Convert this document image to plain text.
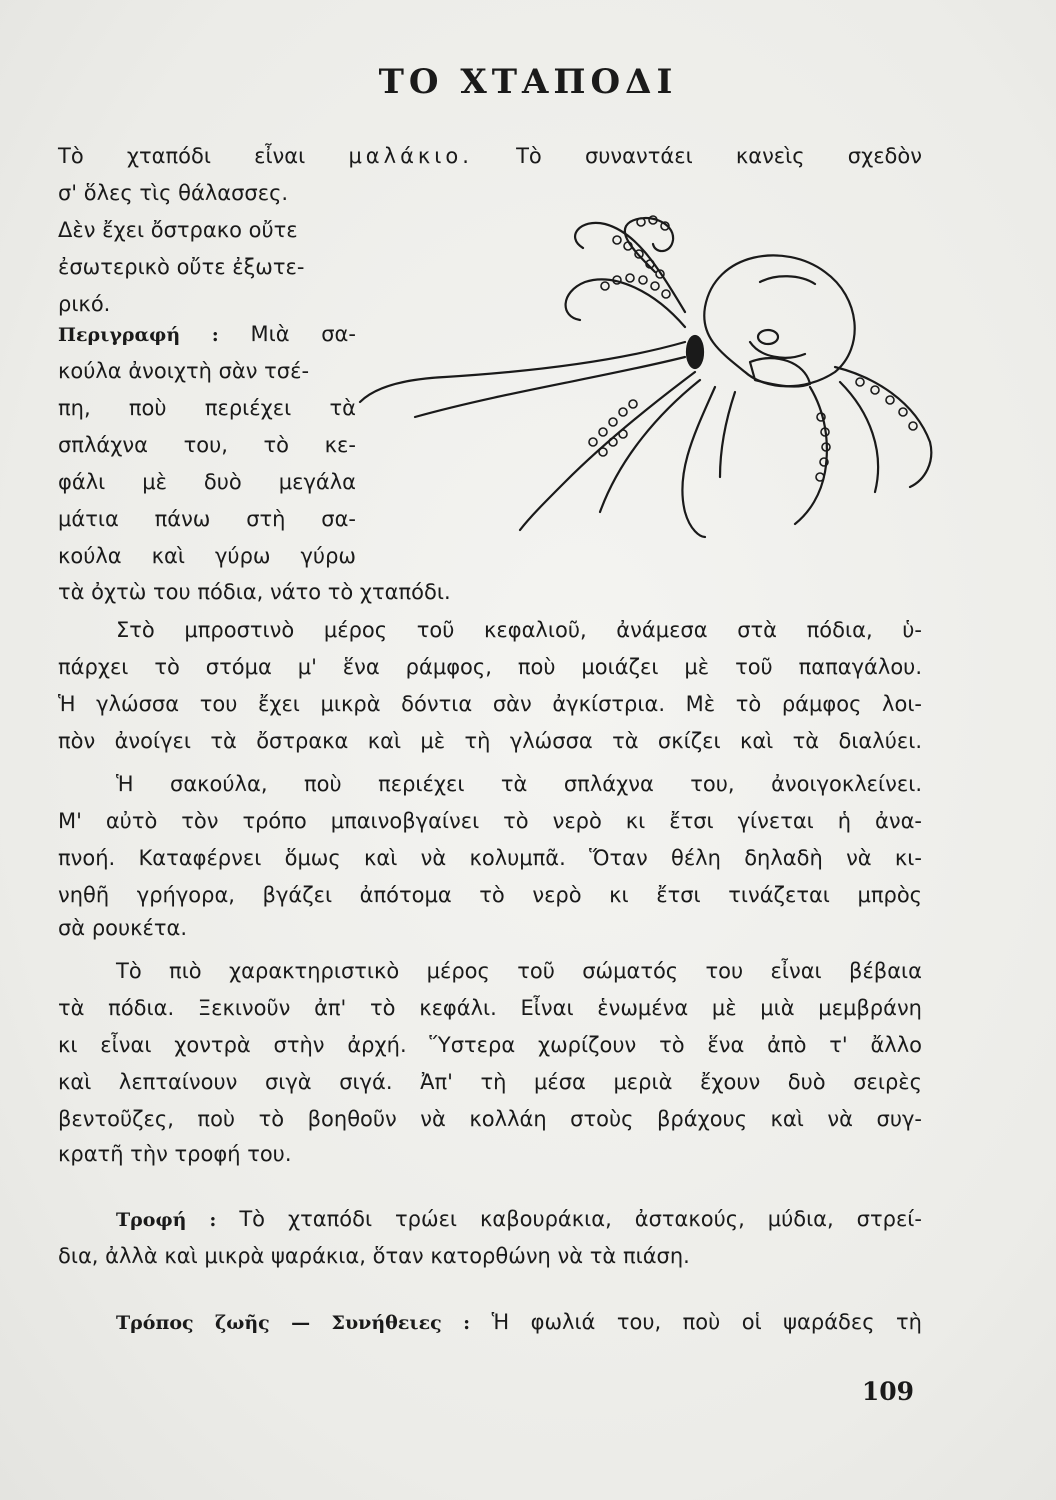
ΤΟ ΧΤΑΠΟΔΙ
Τὸ χταπόδι εἶναι μαλάκιο. Τὸ συναντάει κανεὶς σχεδὸν
σ' ὅλες τὶς θάλασσες.
Δὲν ἔχει ὄστρακο οὔτε
ἐσωτερικὸ οὔτε ἐξωτε-
ρικό.
Περιγραφή : Μιὰ σα-
κούλα ἀνοιχτὴ σὰν τσέ-
πη, ποὺ περιέχει τὰ
σπλάχνα του, τὸ κε-
φάλι μὲ δυὸ μεγάλα
μάτια πάνω στὴ σα-
κούλα καὶ γύρω γύρω
τὰ ὀχτὼ του πόδια, νάτο τὸ χταπόδι.
Στὸ μπροστινὸ μέρος τοῦ κεφαλιοῦ, ἀνάμεσα στὰ πόδια, ὑ-
πάρχει τὸ στόμα μ' ἕνα ράμφος, ποὺ μοιάζει μὲ τοῦ παπαγάλου.
Ἡ γλώσσα του ἔχει μικρὰ δόντια σὰν ἀγκίστρια. Μὲ τὸ ράμφος λοι-
πὸν ἀνοίγει τὰ ὄστρακα καὶ μὲ τὴ γλώσσα τὰ σκίζει καὶ τὰ διαλύει.
Ἡ σακούλα, ποὺ περιέχει τὰ σπλάχνα του, ἀνοιγοκλείνει.
Μ' αὐτὸ τὸν τρόπο μπαινοβγαίνει τὸ νερὸ κι ἔτσι γίνεται ἡ ἀνα-
πνοή. Καταφέρνει ὅμως καὶ νὰ κολυμπᾶ. Ὅταν θέλη δηλαδὴ νὰ κι-
νηθῆ γρήγορα, βγάζει ἀπότομα τὸ νερὸ κι ἔτσι τινάζεται μπρὸς
σὰ ρουκέτα.
Τὸ πιὸ χαρακτηριστικὸ μέρος τοῦ σώματός του εἶναι βέβαια
τὰ πόδια. Ξεκινοῦν ἀπ' τὸ κεφάλι. Εἶναι ἑνωμένα μὲ μιὰ μεμβράνη
κι εἶναι χοντρὰ στὴν ἀρχή. Ὕστερα χωρίζουν τὸ ἕνα ἀπὸ τ' ἄλλο
καὶ λεπταίνουν σιγὰ σιγά. Ἀπ' τὴ μέσα μεριὰ ἔχουν δυὸ σειρὲς
βεντοῦζες, ποὺ τὸ βοηθοῦν νὰ κολλάη στοὺς βράχους καὶ νὰ συγ-
κρατῆ τὴν τροφή του.
Τροφή : Τὸ χταπόδι τρώει καβουράκια, ἀστακούς, μύδια, στρεί-
δια, ἀλλὰ καὶ μικρὰ ψαράκια, ὅταν κατορθώνη νὰ τὰ πιάση.
Τρόπος ζωῆς — Συνήθειες : Ἡ φωλιά του, ποὺ οἱ ψαράδες τὴ
109
